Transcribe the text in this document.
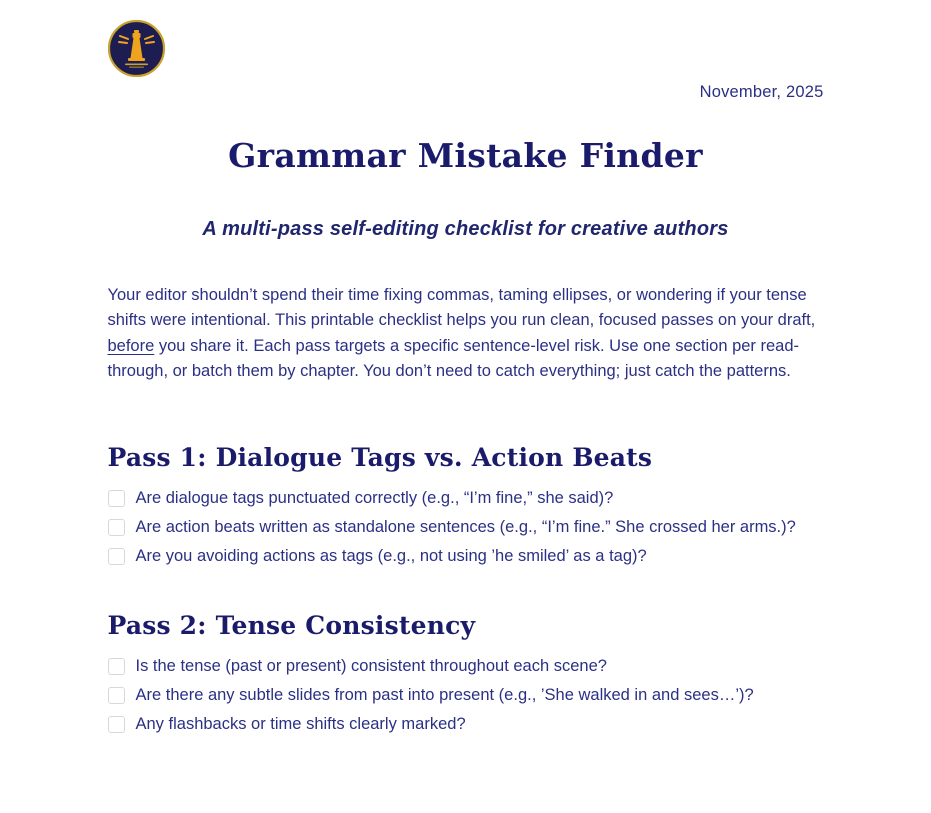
November, 2025
Grammar Mistake Finder
A multi-pass self-editing checklist for creative authors

Your editor shouldn’t spend their time fixing commas, taming ellipses, or wondering if your tense shifts were intentional. This printable checklist helps you run clean, focused passes on your draft, before you share it. Each pass targets a specific sentence-level risk. Use one section per read-through, or batch them by chapter. You don’t need to catch everything; just catch the patterns.

Pass 1: Dialogue Tags vs. Action Beats
Are dialogue tags punctuated correctly (e.g., “I’m fine,” she said)?
Are action beats written as standalone sentences (e.g., “I’m fine.” She crossed her arms.)?
Are you avoiding actions as tags (e.g., not using ’he smiled’ as a tag)?
Pass 2: Tense Consistency
Is the tense (past or present) consistent throughout each scene?
Are there any subtle slides from past into present (e.g., ’She walked in and sees…’)?
Any flashbacks or time shifts clearly marked?
